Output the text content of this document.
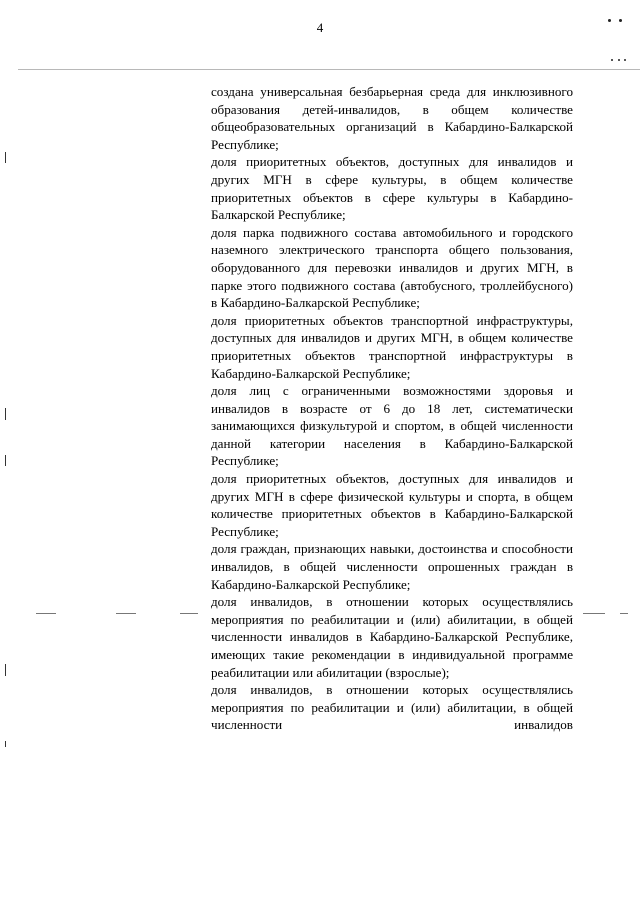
4

создана универсальная безбарьерная среда для инклюзивного образования детей-инвалидов, в общем количестве общеобразовательных организаций в Кабардино-Балкарской Республике;

доля приоритетных объектов, доступных для инвалидов и других МГН в сфере культуры, в общем количестве приоритетных объектов в сфере культуры в Кабардино-Балкарской Республике;

доля парка подвижного состава автомобильного и городского наземного электрического транспорта общего пользования, оборудованного для перевозки инвалидов и других МГН, в парке этого подвижного состава (автобусного, троллейбусного) в Кабардино-Балкарской Республике;

доля приоритетных объектов транспортной инфраструктуры, доступных для инвалидов и других МГН, в общем количестве приоритетных объектов транспортной инфраструктуры в Кабардино-Балкарской Республике;

доля лиц с ограниченными возможностями здоровья и инвалидов в возрасте от 6 до 18 лет, систематически занимающихся физкультурой и спортом, в общей численности данной категории населения в Кабардино-Балкарской Республике;

доля приоритетных объектов, доступных для инвалидов и других МГН в сфере физической культуры и спорта, в общем количестве приоритетных объектов в Кабардино-Балкарской Республике;

доля граждан, признающих навыки, достоинства и способности инвалидов, в общей численности опрошенных граждан в Кабардино-Балкарской Республике;

доля инвалидов, в отношении которых осуществлялись мероприятия по реабилитации и (или) абилитации, в общей численности инвалидов в Кабардино-Балкарской Республике, имеющих такие рекомендации в индивидуальной программе реабилитации или абилитации (взрослые);

доля инвалидов, в отношении которых осуществлялись мероприятия по реабилитации и (или) абилитации, в общей численности инвалидов
